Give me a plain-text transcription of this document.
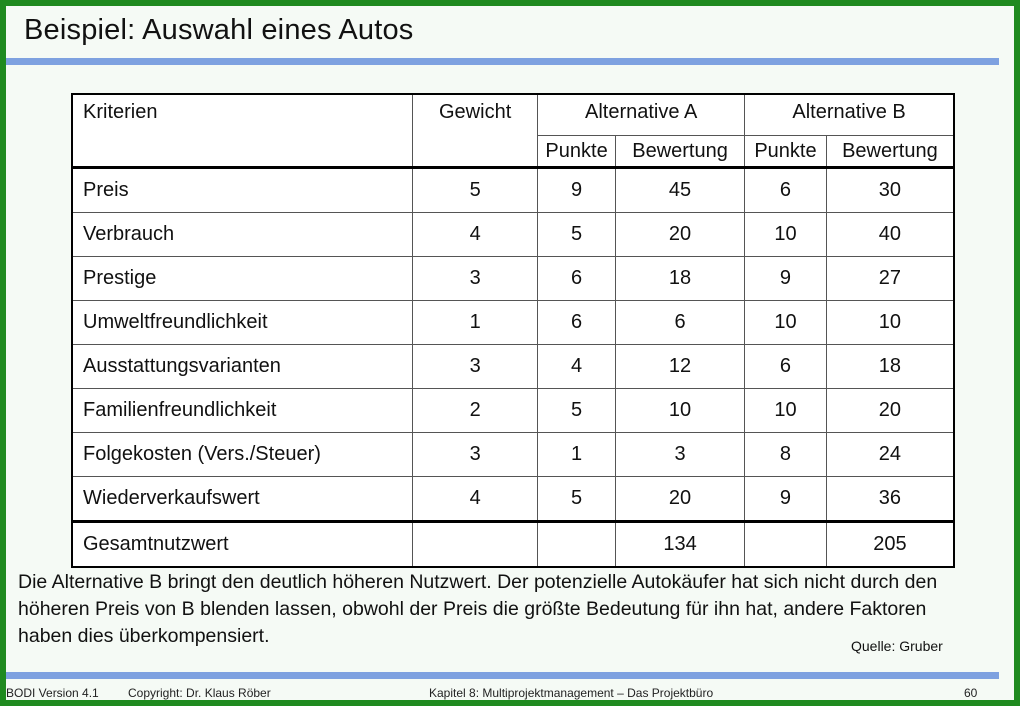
Beispiel: Auswahl eines Autos
Kriterien	Gewicht	Alternative A		Alternative B	
		Punkte	Bewertung	Punkte	Bewertung
Preis	5	9	45	6	30
Verbrauch	4	5	20	10	40
Prestige	3	6	18	9	27
Umweltfreundlichkeit	1	6	6	10	10
Ausstattungsvarianten	3	4	12	6	18
Familienfreundlichkeit	2	5	10	10	20
Folgekosten (Vers./Steuer)	3	1	3	8	24
Wiederverkaufswert	4	5	20	9	36
Gesamtnutzwert			134		205
Die Alternative B bringt den deutlich höheren Nutzwert. Der potenzielle Autokäufer hat sich nicht durch den höheren Preis von B blenden lassen, obwohl der Preis die größte Bedeutung für ihn hat, andere Faktoren haben dies überkompensiert.	Quelle: Gruber
BODI Version 4.1 Copyright: Dr. Klaus Röber	Kapitel 8: Multiprojektmanagement – Das Projektbüro	60
